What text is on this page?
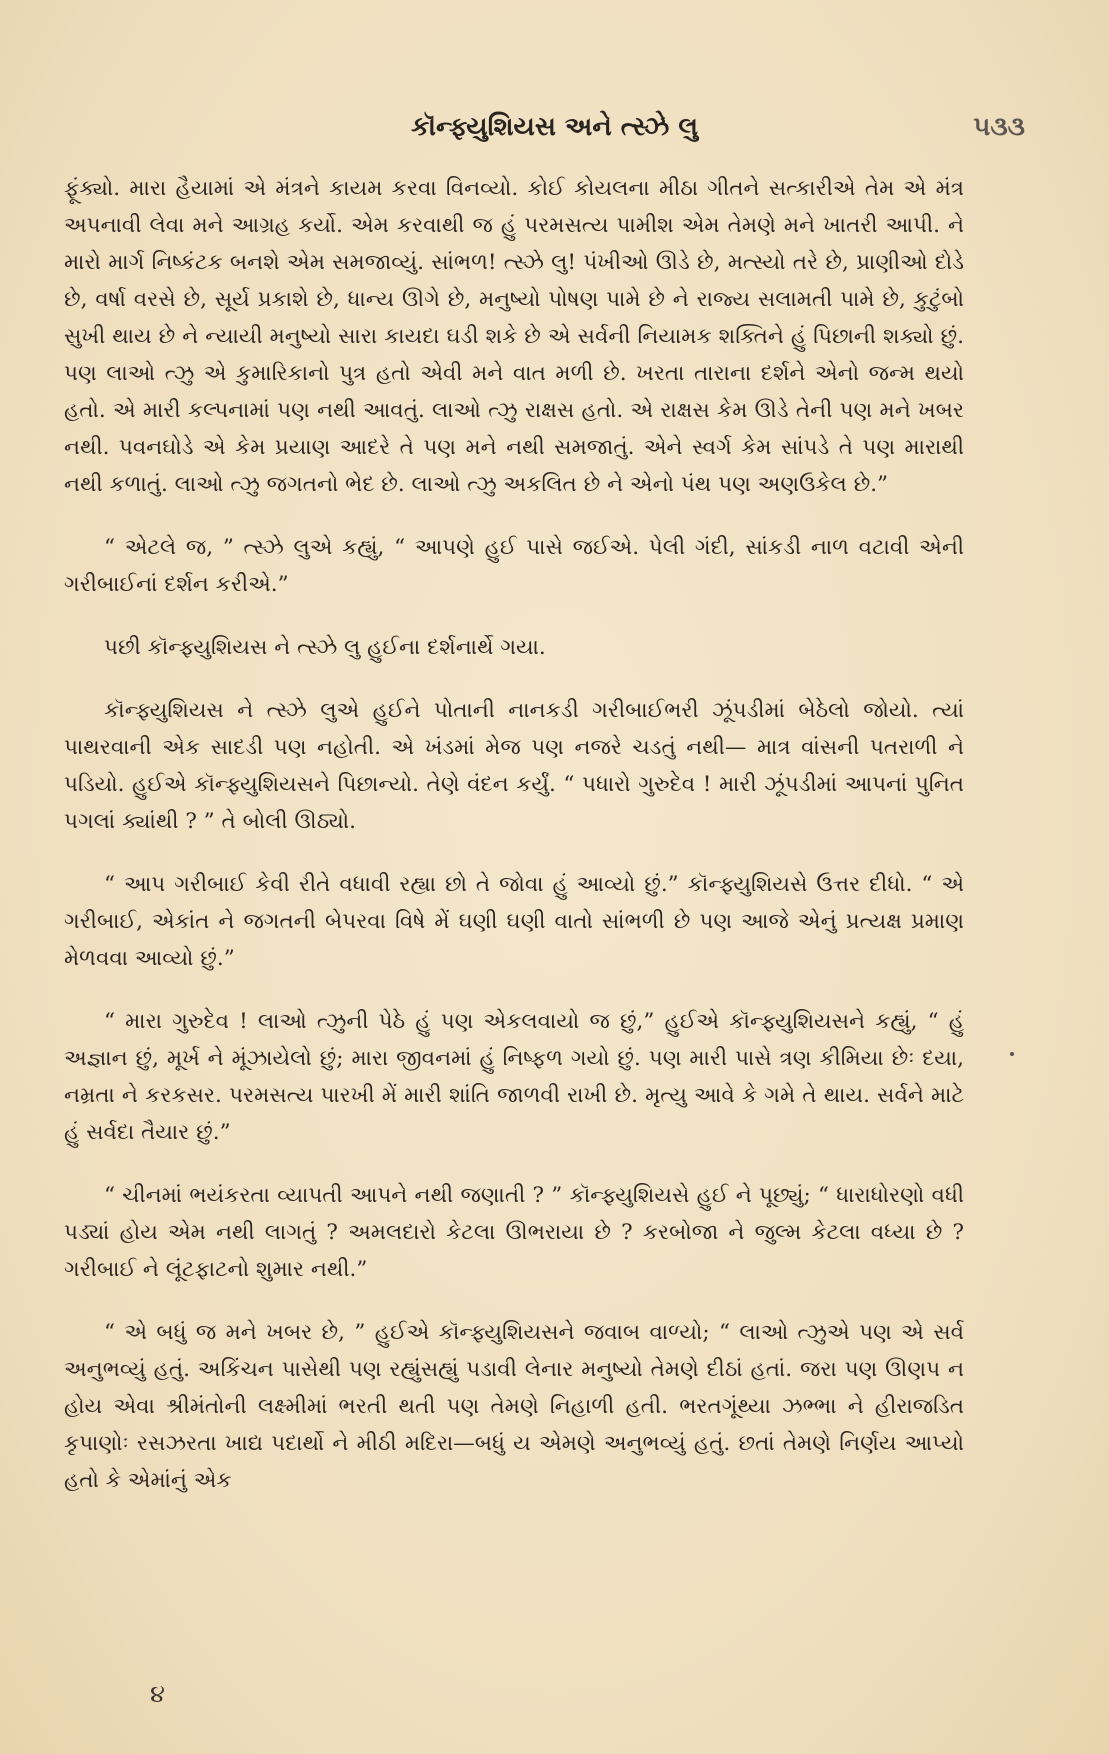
કૉન્ફ્યુશિયસ અને ત્સ્ઝે લુ	૫૩૩

ફૂંક્યો. મારા હૈયામાં એ મંત્રને કાયમ કરવા વિનવ્યો. કોઈ કોયલના મીઠા ગીતને સત્કારીએ તેમ એ મંત્ર અપનાવી લેવા મને આગ્રહ કર્યો. એમ કરવાથી જ હું પરમસત્ય પામીશ એમ તેમણે મને ખાતરી આપી. ને મારો માર્ગ નિષ્કંટક બનશે એમ સમજાવ્યું. સાંભળ! ત્સ્ઝે લુ! પંખીઓ ઊડે છે, મત્સ્યો તરે છે, પ્રાણીઓ દોડે છે, વર્ષા વરસે છે, સૂર્ય પ્રકાશે છે, ધાન્ય ઊગે છે, મનુષ્યો પોષણ પામે છે ને રાજ્ય સલામતી પામે છે, કુટુંબો સુખી થાય છે ને ન્યાયી મનુષ્યો સારા કાયદા ઘડી શકે છે એ સર્વની નિયામક શક્તિને હું પિછાની શક્યો છું. પણ લાઓ ત્ઝુ એ કુમારિકાનો પુત્ર હતો એવી મને વાત મળી છે. ખરતા તારાના દર્શને એનો જન્મ થયો હતો. એ મારી કલ્પનામાં પણ નથી આવતું. લાઓ ત્ઝુ રાક્ષસ હતો. એ રાક્ષસ કેમ ઊડે તેની પણ મને ખબર નથી. પવનઘોડે એ કેમ પ્રયાણ આદરે તે પણ મને નથી સમજાતું. એને સ્વર્ગ કેમ સાંપડે તે પણ મારાથી નથી કળાતું. લાઓ ત્ઝુ જગતનો ભેદ છે. લાઓ ત્ઝુ અકલિત છે ને એનો પંથ પણ અણઉકેલ છે.”

“ એટલે જ, ” ત્સ્ઝે લુએ કહ્યું, “ આપણે હુઈ પાસે જઈએ. પેલી ગંદી, સાંકડી નાળ વટાવી એની ગરીબાઈનાં દર્શન કરીએ.”

પછી કૉન્ફ્યુશિયસ ને ત્સ્ઝે લુ હુઈના દર્શનાર્થે ગયા.

કૉન્ફ્યુશિયસ ને ત્સ્ઝે લુએ હુઈને પોતાની નાનકડી ગરીબાઈભરી ઝૂંપડીમાં બેઠેલો જોયો. ત્યાં પાથરવાની એક સાદડી પણ નહોતી. એ ખંડમાં મેજ પણ નજરે ચડતું નથી— માત્ર વાંસની પતરાળી ને પડિયો. હુઈએ કૉન્ફ્યુશિયસને પિછાન્યો. તેણે વંદન કર્યું. “ પધારો ગુરુદેવ ! મારી ઝૂંપડીમાં આપનાં પુનિત પગલાં ક્યાંથી ? ” તે બોલી ઊઠ્યો.

“ આપ ગરીબાઈ કેવી રીતે વધાવી રહ્યા છો તે જોવા હું આવ્યો છું.” કૉન્ફ્યુશિયસે ઉત્તર દીધો. “ એ ગરીબાઈ, એકાંત ને જગતની બેપરવા વિષે મેં ઘણી ઘણી વાતો સાંભળી છે પણ આજે એનું પ્રત્યક્ષ પ્રમાણ મેળવવા આવ્યો છું.”

“ મારા ગુરુદેવ ! લાઓ ત્ઝુની પેઠે હું પણ એકલવાયો જ છું,” હુઈએ કૉન્ફ્યુશિયસને કહ્યું, “ હું અજ્ઞાન છું, મૂર્ખ ને મૂંઝાયેલો છું; મારા જીવનમાં હું નિષ્ફળ ગયો છું. પણ મારી પાસે ત્રણ કીમિયા છેઃ દયા, નમ્રતા ને કરકસર. પરમસત્ય પારખી મેં મારી શાંતિ જાળવી રાખી છે. મૃત્યુ આવે કે ગમે તે થાય. સર્વને માટે હું સર્વદા તૈયાર છું.”

“ ચીનમાં ભયંકરતા વ્યાપતી આપને નથી જણાતી ? ” કૉન્ફ્યુશિયસે હુઈ ને પૂછ્યું; “ ધારાધોરણો વધી પડ્યાં હોય એમ નથી લાગતું ? અમલદારો કેટલા ઊભરાયા છે ? કરબોજા ને જુલ્મ કેટલા વધ્યા છે ? ગરીબાઈ ને લૂંટફાટનો શુમાર નથી.”

“ એ બધું જ મને ખબર છે, ” હુઈએ કૉન્ફ્યુશિયસને જવાબ વાળ્યો; “ લાઓ ત્ઝુએ પણ એ સર્વ અનુભવ્યું હતું. અકિંચન પાસેથી પણ રહ્યુંસહ્યું પડાવી લેનાર મનુષ્યો તેમણે દીઠાં હતાં. જરા પણ ઊણપ ન હોય એવા શ્રીમંતોની લક્ષ્મીમાં ભરતી થતી પણ તેમણે નિહાળી હતી. ભરતગૂંથ્યા ઝભ્ભા ને હીરાજડિત કૃપાણોઃ રસઝરતા ખાદ્ય પદાર્થો ને મીઠી મદિરા—બધું ય એમણે અનુભવ્યું હતું. છતાં તેમણે નિર્ણય આપ્યો હતો કે એમાંનું એક

૪
